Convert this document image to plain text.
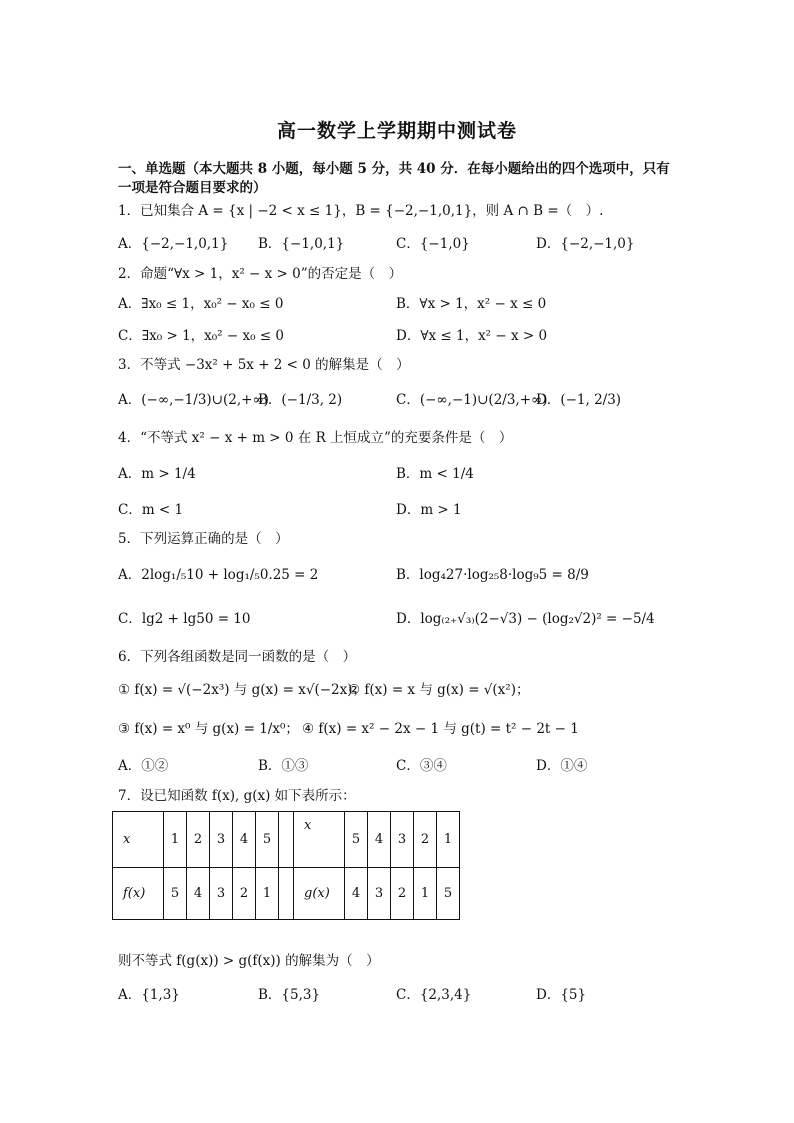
高一数学上学期期中测试卷
一、单选题（本大题共 8 小题，每小题 5 分，共 40 分．在每小题给出的四个选项中，只有
一项是符合题目要求的）
1．已知集合 A = {x | −2 < x ≤ 1}，B = {−2,−1,0,1}，则 A ∩ B =（　）.
A．{−2,−1,0,1} B．{−1,0,1}	C．{−1,0}	D．{−2,−1,0}
2．命题“∀x > 1，x² − x > 0”的否定是（　）
A．∃x₀ ≤ 1，x₀² − x₀ ≤ 0	B．∀x > 1，x² − x ≤ 0
C．∃x₀ > 1，x₀² − x₀ ≤ 0	D．∀x ≤ 1，x² − x > 0
3．不等式 −3x² + 5x + 2 < 0 的解集是（　）
A．(−∞,−1/3)∪(2,+∞)
B．(−1/3, 2)	C．(−∞,−1)∪(2/3,+∞)
D．(−1, 2/3)
4．“不等式 x² − x + m > 0 在 R 上恒成立”的充要条件是（　）
A．m > 1/4	B．m < 1/4
C．m < 1	D．m > 1
5．下列运算正确的是（　）
A．2log₁/₅10 + log₁/₅0.25 = 2	B．log₄27·log₂₅8·log₉5 = 8/9
C．lg2 + lg50 = 10	D．log₍₂₊√₃₎(2−√3) − (log₂√2)² = −5/4
6．下列各组函数是同一函数的是（　）
① f(x) = √(−2x³) 与 g(x) = x√(−2x)；
② f(x) = x 与 g(x) = √(x²)；
③ f(x) = x⁰ 与 g(x) = 1/x⁰； ④ f(x) = x² − 2x − 1 与 g(t) = t² − 2t − 1
A．①②	B．①③	C．③④	D．①④
7．设已知函数 f(x), g(x) 如下表所示：
x	1	2	3	4	5		x	5	4	3	2	1
f(x)	5	4	3	2	1		g(x)	4	3	2	1	5
则不等式 f(g(x)) > g(f(x)) 的解集为（　）
A．{1,3}	B．{5,3}	C．{2,3,4}	D．{5}
